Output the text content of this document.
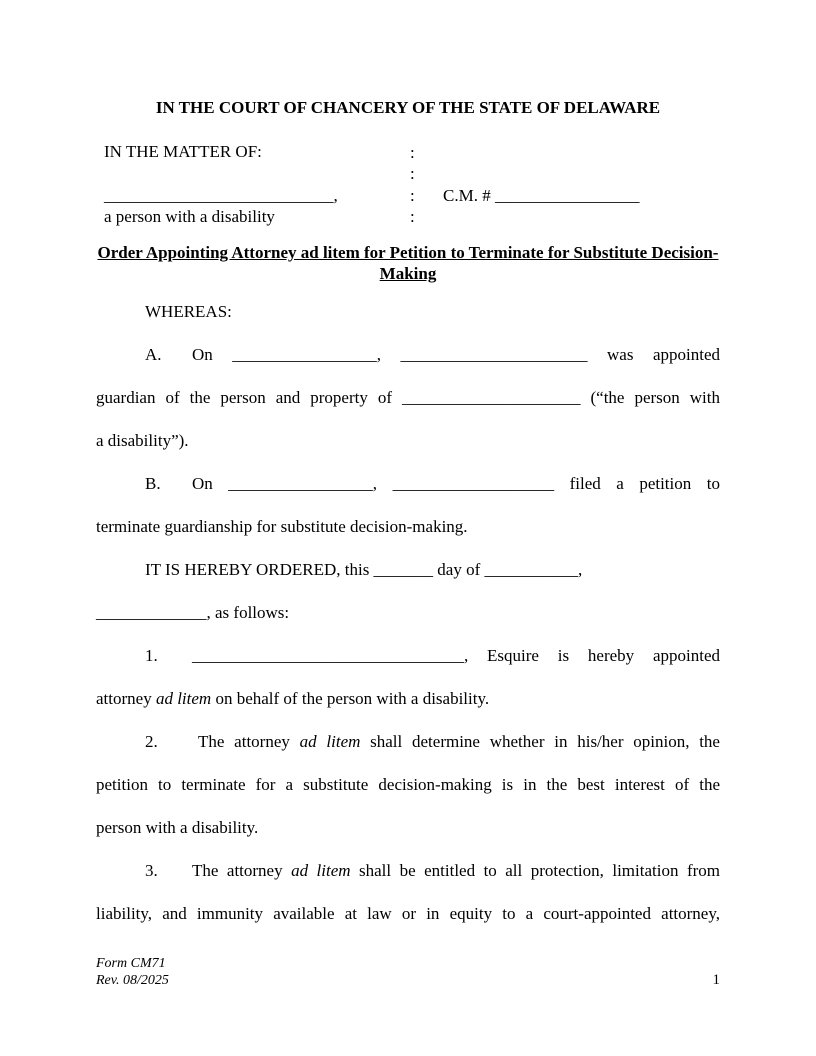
IN THE COURT OF CHANCERY OF THE STATE OF DELAWARE
IN THE MATTER OF:	:
:
___________________________,	: C.M. # _________________
a person with a disability	:
Order Appointing Attorney ad litem for Petition to Terminate for Substitute Decision-Making
WHEREAS:
A. On _________________, ______________________ was appointed
guardian of the person and property of _____________________ (“the person with
a disability”).
B. On _________________, ___________________ filed a petition to
terminate guardianship for substitute decision-making.
IT IS HEREBY ORDERED, this _______ day of ___________,
_____________, as follows:
1. ________________________________, Esquire is hereby appointed
attorney ad litem on behalf of the person with a disability.
2. The attorney ad litem shall determine whether in his/her opinion, the
petition to terminate for a substitute decision-making is in the best interest of the
person with a disability.
3. The attorney ad litem shall be entitled to all protection, limitation from
liability, and immunity available at law or in equity to a court-appointed attorney,
Form CM71
Rev. 08/2025	1
